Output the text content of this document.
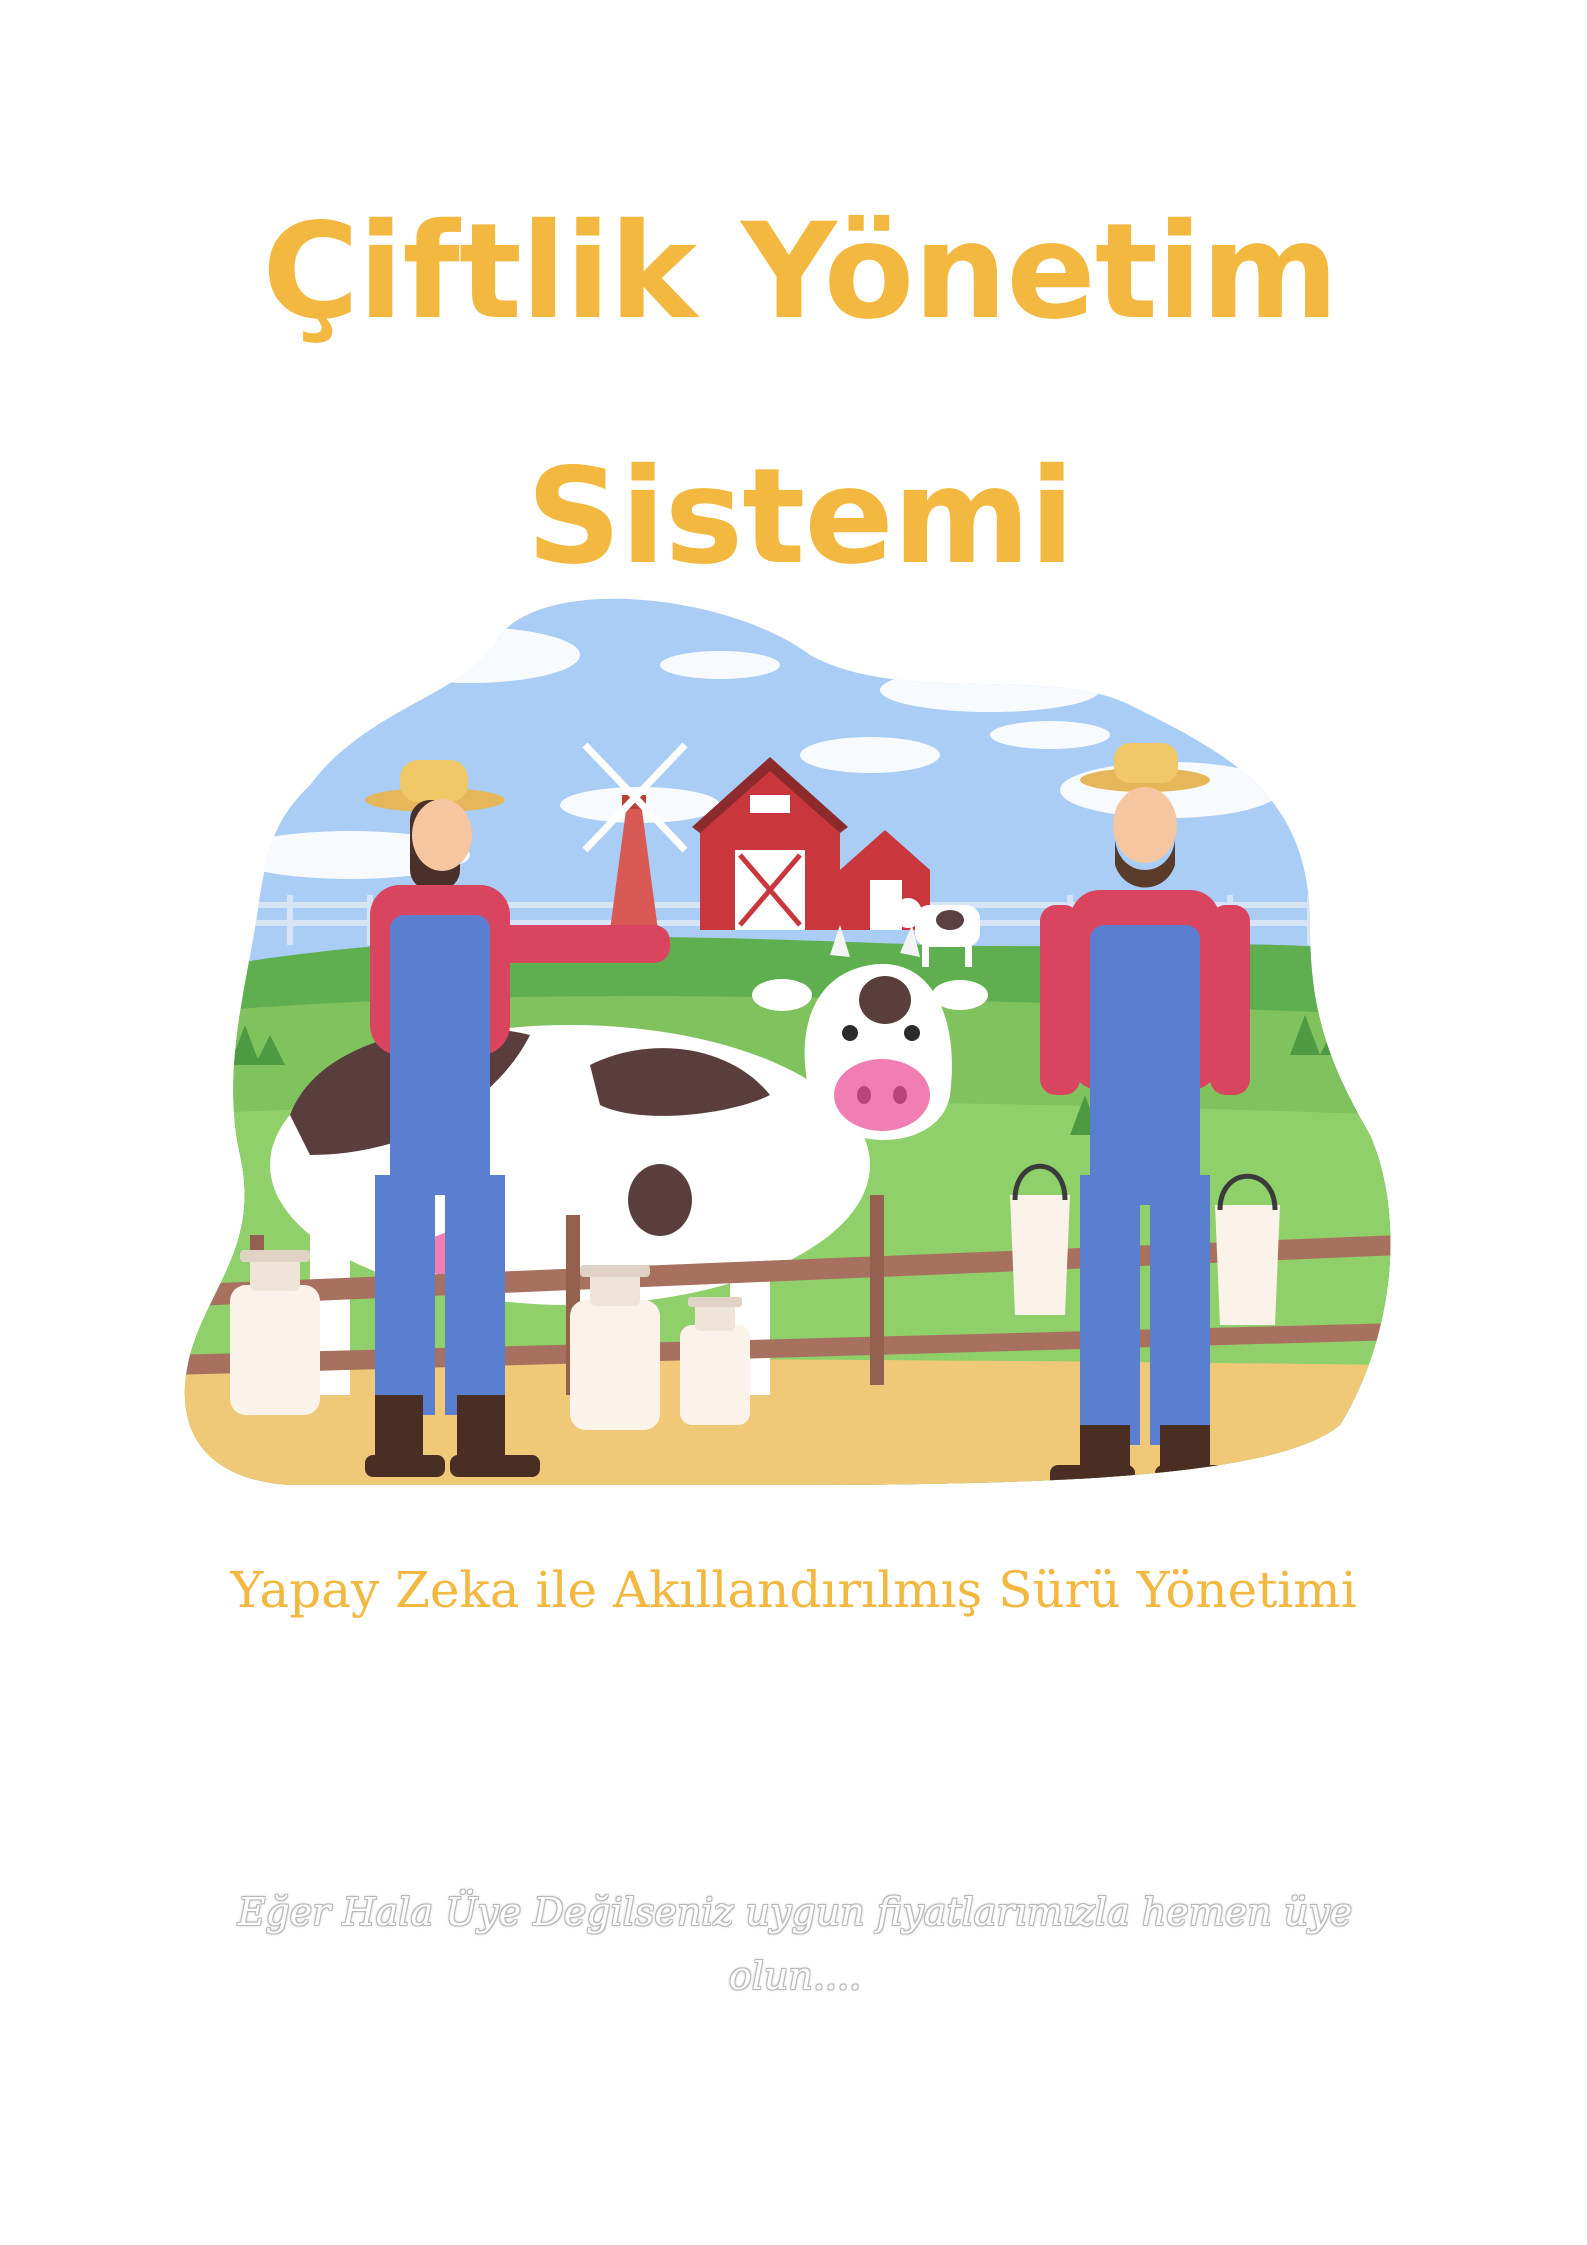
Çiftlik Yönetim
Sistemi

Yapay Zeka ile Akıllandırılmış Sürü Yönetimi

Eğer Hala Üye Değilseniz uygun fiyatlarımızla hemen üye olun....
